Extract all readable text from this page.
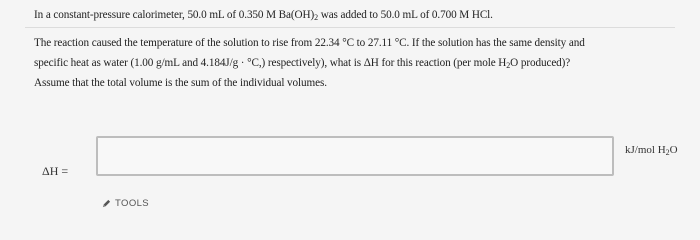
In a constant-pressure calorimeter, 50.0 mL of 0.350 M $Ba(OH)_2$ was added to 50.0 mL of 0.700 M HCl.
The reaction caused the temperature of the solution to rise from 22.34 °C to 27.11 °C. If the solution has the same density and
specific heat as water (1.00 g/mL and 4.184J/g · °C,) respectively), what is ΔH for this reaction (per mole $H_2O$ produced)?
Assume that the total volume is the sum of the individual volumes.
ΔH =
kJ/mol $H_2O$
TOOLS
